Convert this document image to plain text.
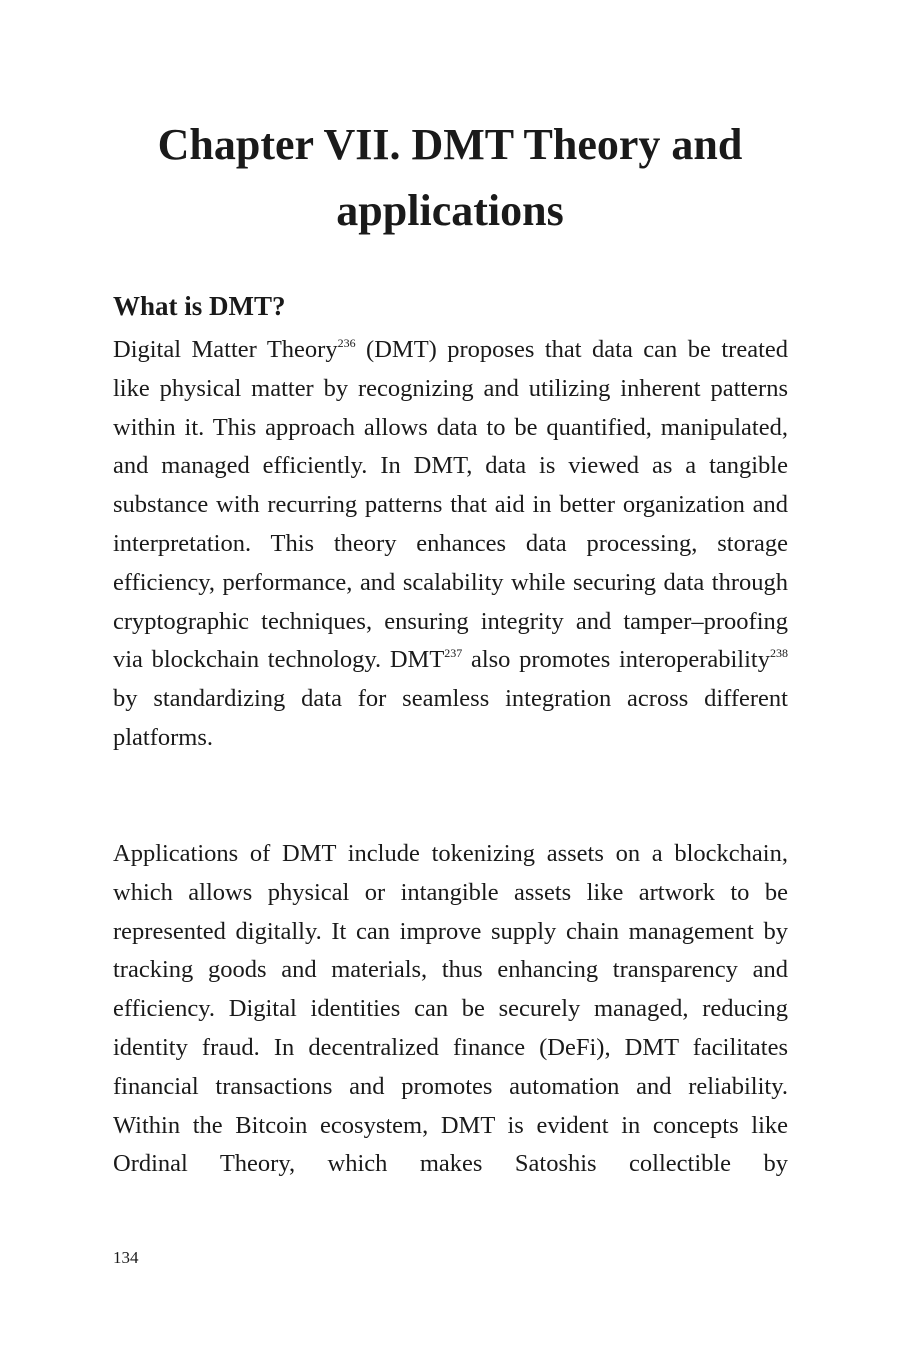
Chapter VII. DMT Theory and applications
What is DMT?

Digital Matter Theory$^{236}$ (DMT) proposes that data can be treated like physical matter by recognizing and utilizing inherent patterns within it. This approach allows data to be quantified, manipulated, and managed efficiently. In DMT, data is viewed as a tangible substance with recurring patterns that aid in better organization and interpretation. This theory enhances data processing, storage efficiency, performance, and scalability while securing data through cryptographic techniques, ensuring integrity and tamper–proofing via blockchain technology. DMT$^{237}$ also promotes interoperability$^{238}$ by standardizing data for seamless integration across different platforms.

Applications of DMT include tokenizing assets on a blockchain, which allows physical or intangible assets like artwork to be represented digitally. It can improve supply chain management by tracking goods and materials, thus enhancing transparency and efficiency. Digital identities can be securely managed, reducing identity fraud. In decentralized finance (DeFi), DMT facilitates financial transactions and promotes automation and reliability. Within the Bitcoin ecosystem, DMT is evident in concepts like Ordinal Theory, which makes Satoshis collectible by

134
